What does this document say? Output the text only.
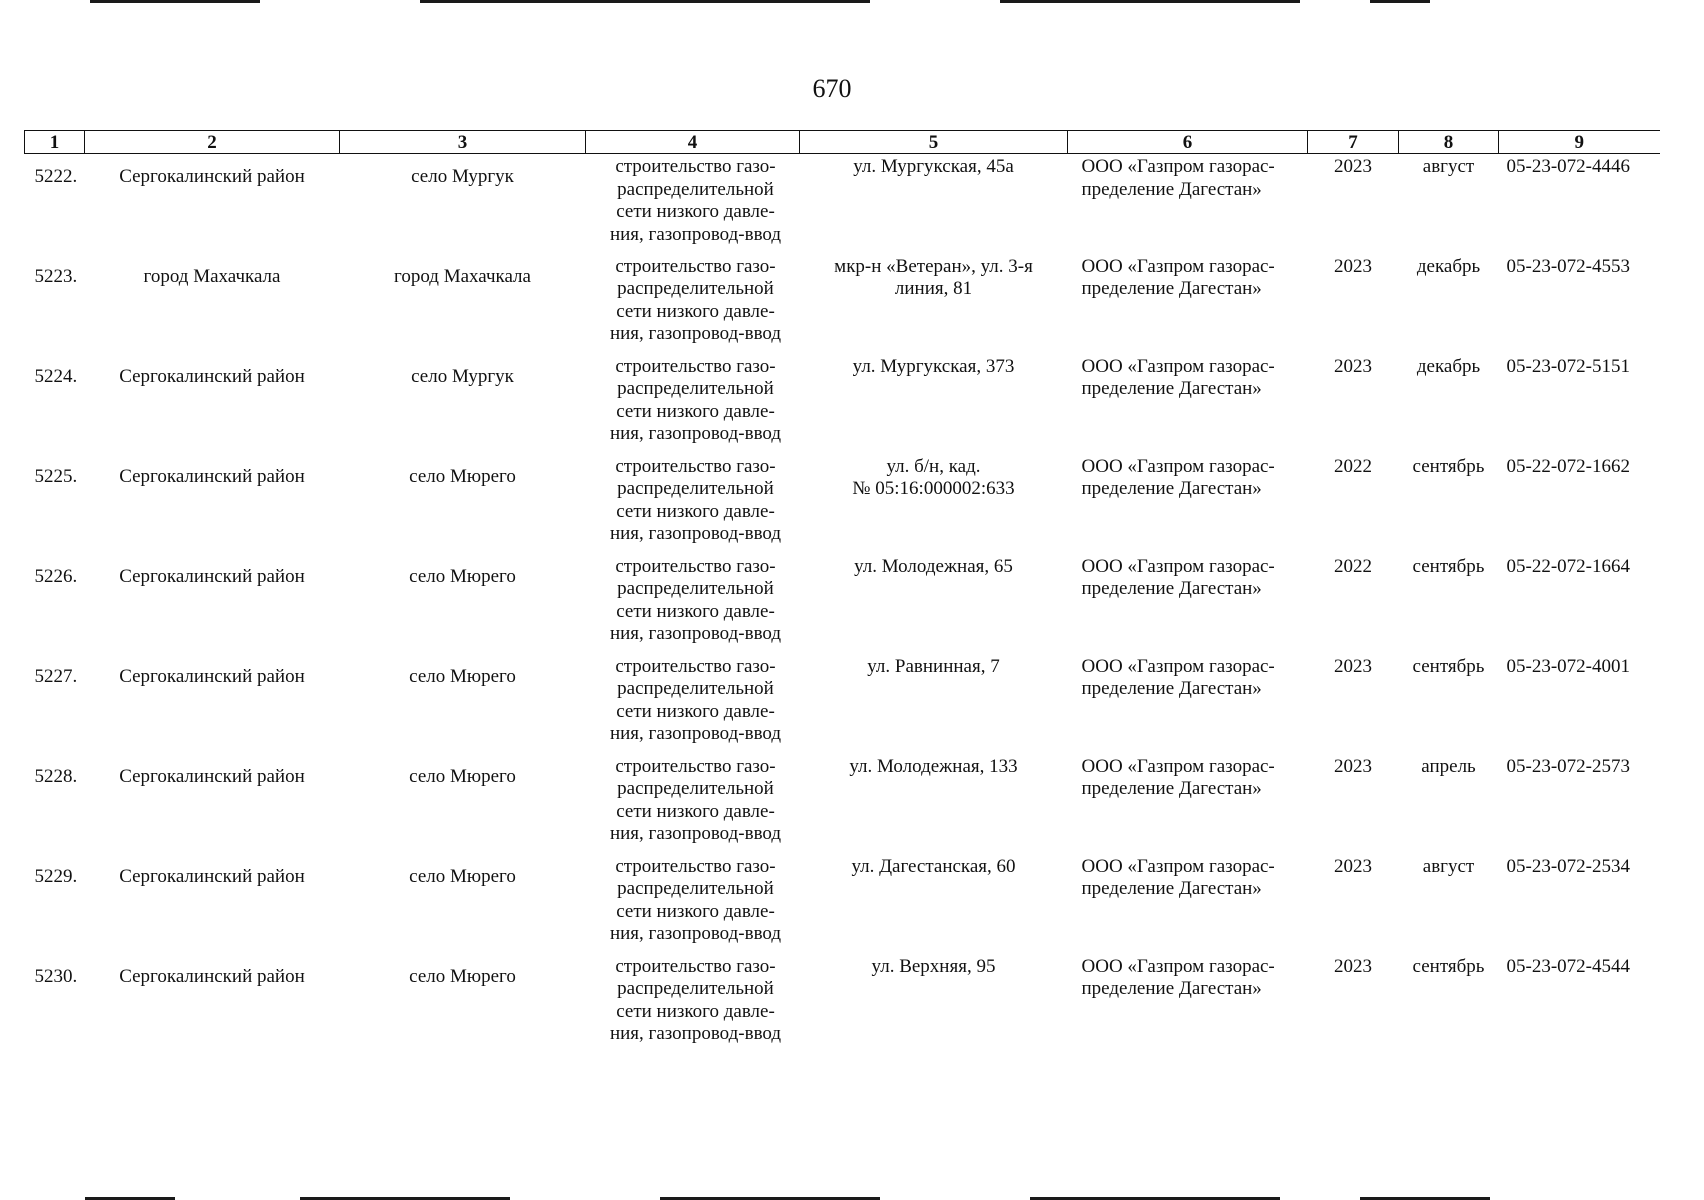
670
1	2	3	4	5	6	7	8	9

5222.	Сергокалинский район	село Мургук	строительство газо-
распределительной
сети низкого давле-
ния, газопровод-ввод	ул. Мургукская, 45а	ООО «Газпром газорас-
пределение Дагестан»	2023	август	05-23-072-4446

5223.	город Махачкала	город Махачкала	строительство газо-
распределительной
сети низкого давле-
ния, газопровод-ввод	мкр-н «Ветеран», ул. 3-я
линия, 81	ООО «Газпром газорас-
пределение Дагестан»	2023	декабрь	05-23-072-4553

5224.	Сергокалинский район	село Мургук	строительство газо-
распределительной
сети низкого давле-
ния, газопровод-ввод	ул. Мургукская, 373	ООО «Газпром газорас-
пределение Дагестан»	2023	декабрь	05-23-072-5151

5225.	Сергокалинский район	село Мюрего	строительство газо-
распределительной
сети низкого давле-
ния, газопровод-ввод	ул. б/н, кад.
№ 05:16:000002:633	ООО «Газпром газорас-
пределение Дагестан»	2022	сентябрь	05-22-072-1662

5226.	Сергокалинский район	село Мюрего	строительство газо-
распределительной
сети низкого давле-
ния, газопровод-ввод	ул. Молодежная, 65	ООО «Газпром газорас-
пределение Дагестан»	2022	сентябрь	05-22-072-1664

5227.	Сергокалинский район	село Мюрего	строительство газо-
распределительной
сети низкого давле-
ния, газопровод-ввод	ул. Равнинная, 7	ООО «Газпром газорас-
пределение Дагестан»	2023	сентябрь	05-23-072-4001

5228.	Сергокалинский район	село Мюрего	строительство газо-
распределительной
сети низкого давле-
ния, газопровод-ввод	ул. Молодежная, 133	ООО «Газпром газорас-
пределение Дагестан»	2023	апрель	05-23-072-2573

5229.	Сергокалинский район	село Мюрего	строительство газо-
распределительной
сети низкого давле-
ния, газопровод-ввод	ул. Дагестанская, 60	ООО «Газпром газорас-
пределение Дагестан»	2023	август	05-23-072-2534

5230.	Сергокалинский район	село Мюрего	строительство газо-
распределительной
сети низкого давле-
ния, газопровод-ввод	ул. Верхняя, 95	ООО «Газпром газорас-
пределение Дагестан»	2023	сентябрь	05-23-072-4544
